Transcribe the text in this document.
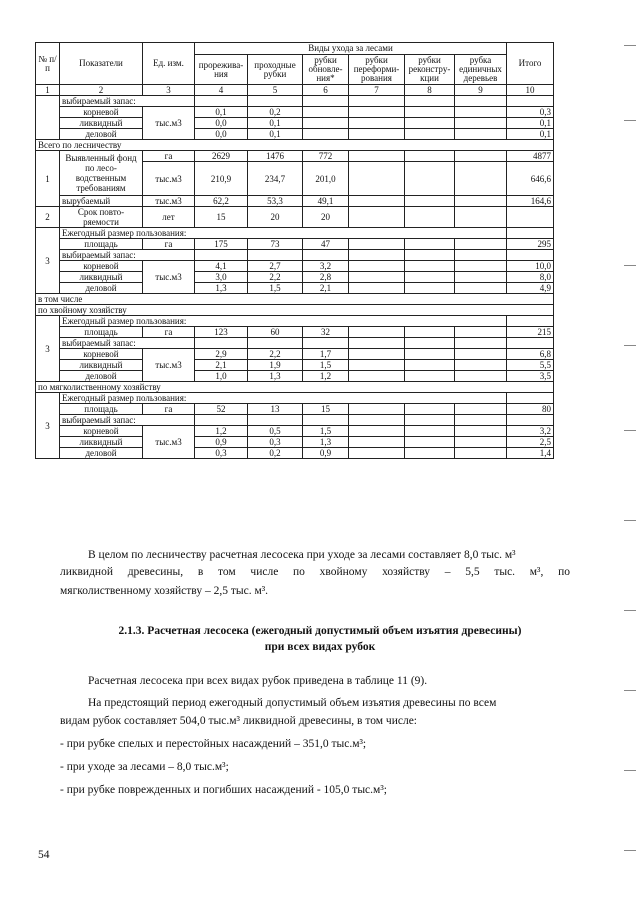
№ п/ п	Показатели	Ед. изм.	Виды ухода за лесами						Итого
			прорежива-ния	проходные рубки	рубки обновле-ния*	рубки переформи-рования	рубки реконстру-кции	рубка единичных деревьев	
1	2	3	4	5	6	7	8	9	10
	выбираемый запас:								
	корневой	тыс.м3	0,1	0,2					0,3
	ликвидный		0,0	0,1					0,1
	деловой		0,0	0,1					0,1
Всего по лесничеству									
1	Выявленный фонд по лесо-водственным требованиям	га	2629	1476	772				4877
		тыс.м3	210,9	234,7	201,0				646,6
	вырубаемый	тыс.м3	62,2	53,3	49,1				164,6
2	Срок повто-ряемости	лет	15	20	20				
3	Ежегодный размер пользования:								
	площадь	га	175	73	47				295
	выбираемый запас:								
	корневой	тыс.м3	4,1	2,7	3,2				10,0
	ликвидный		3,0	2,2	2,8				8,0
	деловой		1,3	1,5	2,1				4,9
в том числе									
по хвойному хозяйству									
3	Ежегодный размер пользования:								
	площадь	га	123	60	32				215
	выбираемый запас:								
	корневой	тыс.м3	2,9	2,2	1,7				6,8
	ликвидный		2,1	1,9	1,5				5,5
	деловой		1,0	1,3	1,2				3,5
по мягколиственному хозяйству									
3	Ежегодный размер пользования:								
	площадь	га	52	13	15				80
	выбираемый запас:								
	корневой	тыс.м3	1,2	0,5	1,5				3,2
	ликвидный		0,9	0,3	1,3				2,5
	деловой		0,3	0,2	0,9				1,4
В целом по лесничеству расчетная лесосека при уходе за лесами составляет 8,0 тыс. м³
ликвидной древесины, в том числе по хвойному хозяйству – 5,5 тыс. м³, по
мягколиственному хозяйству – 2,5 тыс. м³.
2.1.3. Расчетная лесосека (ежегодный допустимый объем изъятия древесины)
при всех видах рубок
Расчетная лесосека при всех видах рубок приведена в таблице 11 (9).
На предстоящий период ежегодный допустимый объем изъятия древесины по всем
видам рубок составляет 504,0 тыс.м³ ликвидной древесины, в том числе:
- при рубке спелых и перестойных насаждений – 351,0 тыс.м³;
- при уходе за лесами – 8,0 тыс.м³;
- при рубке поврежденных и погибших насаждений - 105,0 тыс.м³;
54
